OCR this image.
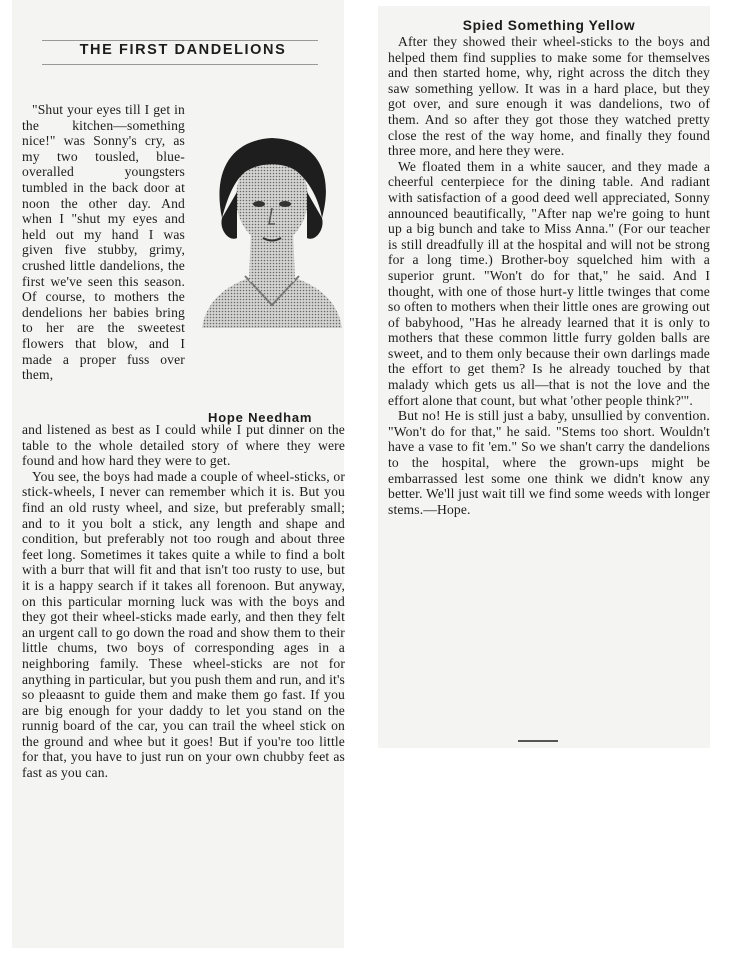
THE FIRST DANDELIONS

"Shut your eyes till I get in the kitchen—something nice!" was Sonny's cry, as my two tousled, blue-overalled youngsters tumbled in the back door at noon the other day. And when I "shut my eyes and held out my hand I was given five stubby, grimy, crushed little dandelions, the first we've seen this season. Of course, to mothers the dendelions her babies bring to her are the sweetest flowers that blow, and I made a proper fuss over them,

Hope Needham

and listened as best as I could while I put dinner on the table to the whole detailed story of where they were found and how hard they were to get.

You see, the boys had made a couple of wheel-sticks, or stick-wheels, I never can remember which it is. But you find an old rusty wheel, and size, but preferably small; and to it you bolt a stick, any length and shape and condition, but preferably not too rough and about three feet long. Sometimes it takes quite a while to find a bolt with a burr that will fit and that isn't too rusty to use, but it is a happy search if it takes all forenoon. But anyway, on this particular morning luck was with the boys and they got their wheel-sticks made early, and then they felt an urgent call to go down the road and show them to their little chums, two boys of corresponding ages in a neighboring family. These wheel-sticks are not for anything in particular, but you push them and run, and it's so pleaasnt to guide them and make them go fast. If you are big enough for your daddy to let you stand on the runnig board of the car, you can trail the wheel stick on the ground and whee but it goes! But if you're too little for that, you have to just run on your own chubby feet as fast as you can.

Spied Something Yellow

After they showed their wheel-sticks to the boys and helped them find supplies to make some for themselves and then started home, why, right across the ditch they saw something yellow. It was in a hard place, but they got over, and sure enough it was dandelions, two of them. And so after they got those they watched pretty close the rest of the way home, and finally they found three more, and here they were.

We floated them in a white saucer, and they made a cheerful centerpiece for the dining table. And radiant with satisfaction of a good deed well appreciated, Sonny announced beautifically, "After nap we're going to hunt up a big bunch and take to Miss Anna." (For our teacher is still dreadfully ill at the hospital and will not be strong for a long time.) Brother-boy squelched him with a superior grunt. "Won't do for that," he said. And I thought, with one of those hurt-y little twinges that come so often to mothers when their little ones are growing out of babyhood, "Has he already learned that it is only to mothers that these common little furry golden balls are sweet, and to them only because their own darlings made the effort to get them? Is he already touched by that malady which gets us all—that is not the love and the effort alone that count, but what 'other people think?'".

But no! He is still just a baby, unsullied by convention. "Won't do for that," he said. "Stems too short. Wouldn't have a vase to fit 'em." So we shan't carry the dandelions to the hospital, where the grown-ups might be embarrassed lest some one think we didn't know any better. We'll just wait till we find some weeds with longer stems.—Hope.
